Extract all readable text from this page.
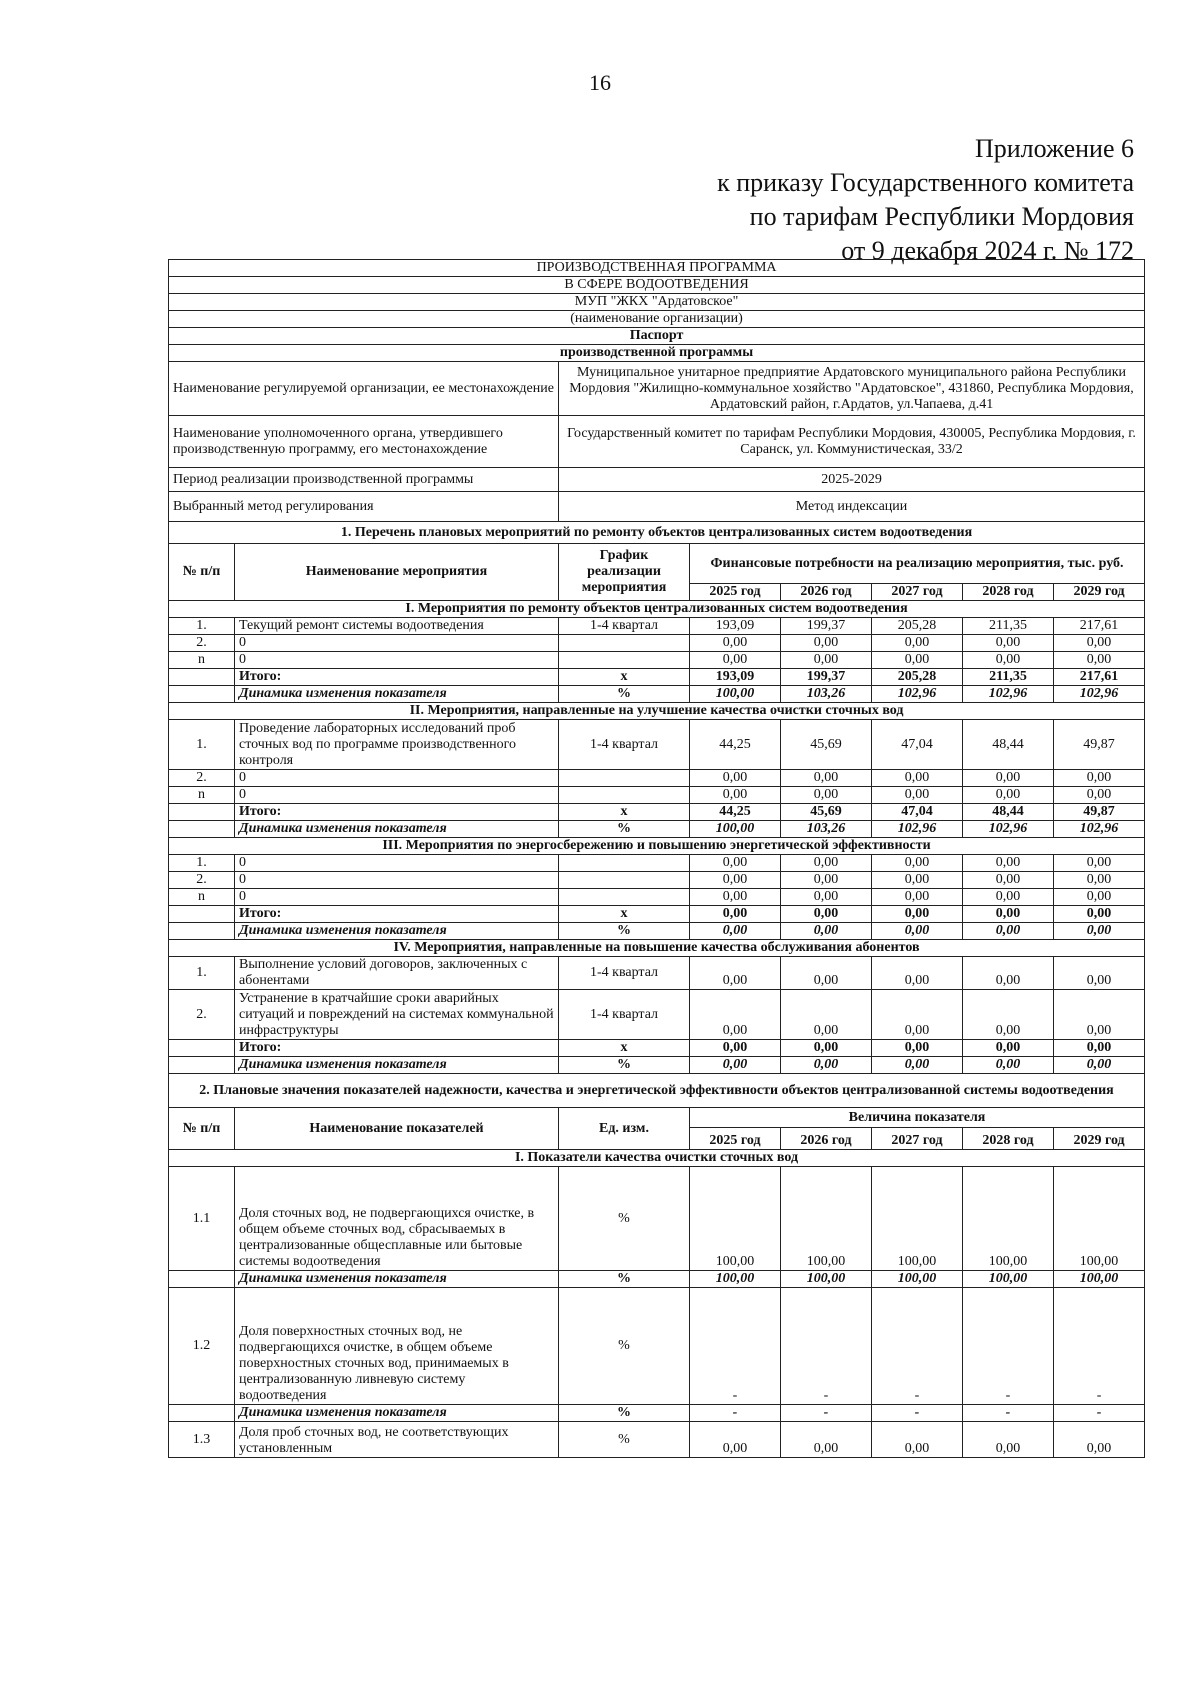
16
Приложение 6
к приказу Государственного комитета
по тарифам Республики Мордовия
от 9 декабря 2024 г. № 172
ПРОИЗВОДСТВЕННАЯ ПРОГРАММА							
В СФЕРЕ ВОДООТВЕДЕНИЯ							
МУП "ЖКХ "Ардатовское"							
(наименование организации)							
Паспорт							
производственной программы							
Наименование регулируемой организации, ее местонахождение		Муниципальное унитарное предприятие Ардатовского муниципального района Республики Мордовия "Жилищно-коммунальное хозяйство "Ардатовское", 431860, Республика Мордовия, Ардатовский район, г.Ардатов, ул.Чапаева, д.41					
Наименование уполномоченного органа, утвердившего производственную программу, его местонахождение		Государственный комитет по тарифам Республики Мордовия, 430005, Республика Мордовия, г. Саранск, ул. Коммунистическая, 33/2					
Период реализации производственной программы		2025-2029					
Выбранный метод регулирования		Метод индексации					
1. Перечень плановых мероприятий по ремонту объектов централизованных систем водоотведения							
№ п/п	Наименование мероприятия	График реализации мероприятия	Финансовые потребности на реализацию мероприятия, тыс. руб.				
			2025 год	2026 год	2027 год	2028 год	2029 год
I. Мероприятия по ремонту объектов централизованных систем водоотведения							
1.	Текущий ремонт системы водоотведения	1-4 квартал	193,09	199,37	205,28	211,35	217,61
2.	0		0,00	0,00	0,00	0,00	0,00
n	0		0,00	0,00	0,00	0,00	0,00
	Итого:	х	193,09	199,37	205,28	211,35	217,61
	Динамика изменения показателя	%	100,00	103,26	102,96	102,96	102,96
II. Мероприятия, направленные на улучшение качества очистки сточных вод							
1.	Проведение лабораторных исследований проб сточных вод по программе производственного контроля	1-4 квартал	44,25	45,69	47,04	48,44	49,87
2.	0		0,00	0,00	0,00	0,00	0,00
n	0		0,00	0,00	0,00	0,00	0,00
	Итого:	х	44,25	45,69	47,04	48,44	49,87
	Динамика изменения показателя	%	100,00	103,26	102,96	102,96	102,96
III. Мероприятия по энергосбережению и повышению энергетической эффективности							
1.	0		0,00	0,00	0,00	0,00	0,00
2.	0		0,00	0,00	0,00	0,00	0,00
n	0		0,00	0,00	0,00	0,00	0,00
	Итого:	х	0,00	0,00	0,00	0,00	0,00
	Динамика изменения показателя	%	0,00	0,00	0,00	0,00	0,00
IV. Мероприятия, направленные на повышение качества обслуживания абонентов							
1.	Выполнение условий договоров, заключенных с абонентами	1-4 квартал	0,00	0,00	0,00	0,00	0,00
2.	Устранение в кратчайшие сроки аварийных ситуаций и повреждений на системах коммунальной инфраструктуры	1-4 квартал	0,00	0,00	0,00	0,00	0,00
	Итого:	х	0,00	0,00	0,00	0,00	0,00
	Динамика изменения показателя	%	0,00	0,00	0,00	0,00	0,00
2. Плановые значения показателей надежности, качества и энергетической эффективности объектов централизованной системы водоотведения							
№ п/п	Наименование показателей	Ед. изм.	Величина показателя				
			2025 год	2026 год	2027 год	2028 год	2029 год
I. Показатели качества очистки сточных вод							
1.1	Доля сточных вод, не подвергающихся очистке, в общем объеме сточных вод, сбрасываемых в централизованные общесплавные или бытовые системы водоотведения	%	100,00	100,00	100,00	100,00	100,00
	Динамика изменения показателя	%	100,00	100,00	100,00	100,00	100,00
1.2	Доля поверхностных сточных вод, не подвергающихся очистке, в общем объеме поверхностных сточных вод, принимаемых в централизованную ливневую систему водоотведения	%	-	-	-	-	-
	Динамика изменения показателя	%	-	-	-	-	-
1.3	Доля проб сточных вод, не соответствующих установленным	%	0,00	0,00	0,00	0,00	0,00
